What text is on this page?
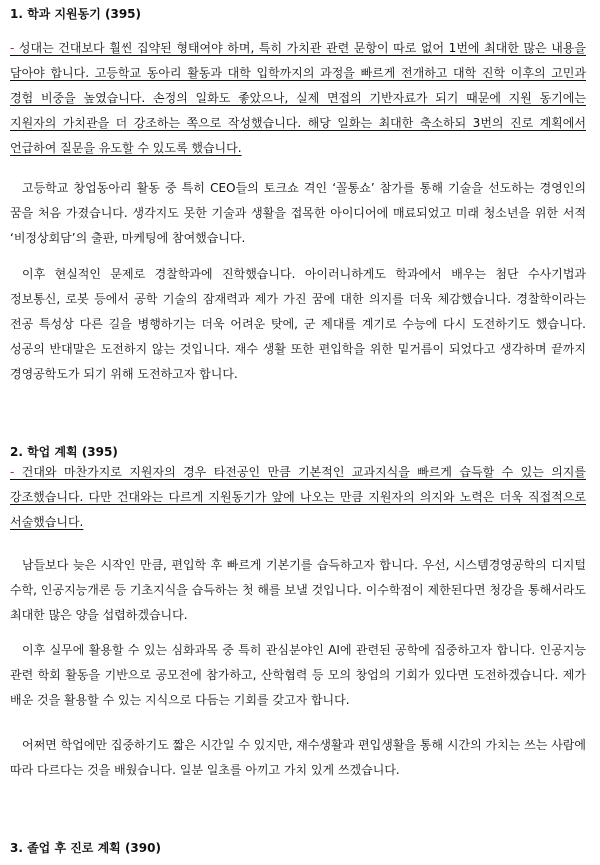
1. 학과 지원동기 (395)

- 성대는 건대보다 훨씬 집약된 형태여야 하며, 특히 가치관 관련 문항이 따로 없어 1번에 최대한 많은 내용을 담아야 합니다. 고등학교 동아리 활동과 대학 입학까지의 과정을 빠르게 전개하고 대학 진학 이후의 고민과 경험 비중을 높였습니다. 손정의 일화도 좋았으나, 실제 면접의 기반자료가 되기 때문에 지원 동기에는 지원자의 가치관을 더 강조하는 쪽으로 작성했습니다. 해당 일화는 최대한 축소하되 3번의 진로 계획에서 언급하여 질문을 유도할 수 있도록 했습니다.

고등학교 창업동아리 활동 중 특히 CEO들의 토크쇼 격인 ‘꼴통쇼’ 참가를 통해 기술을 선도하는 경영인의 꿈을 처음 가졌습니다. 생각지도 못한 기술과 생활을 접목한 아이디어에 매료되었고 미래 청소년을 위한 서적 ‘비정상회담’의 출판, 마케팅에 참여했습니다.

이후 현실적인 문제로 경찰학과에 진학했습니다. 아이러니하게도 학과에서 배우는 첨단 수사기법과 정보통신, 로봇 등에서 공학 기술의 잠재력과 제가 가진 꿈에 대한 의지를 더욱 체감했습니다. 경찰학이라는 전공 특성상 다른 길을 병행하기는 더욱 어려운 탓에, 군 제대를 계기로 수능에 다시 도전하기도 했습니다. 성공의 반대말은 도전하지 않는 것입니다. 재수 생활 또한 편입학을 위한 밑거름이 되었다고 생각하며 끝까지 경영공학도가 되기 위해 도전하고자 합니다.

2. 학업 계획 (395)

- 건대와 마찬가지로 지원자의 경우 타전공인 만큼 기본적인 교과지식을 빠르게 습득할 수 있는 의지를 강조했습니다. 다만 건대와는 다르게 지원동기가 앞에 나오는 만큼 지원자의 의지와 노력은 더욱 직접적으로 서술했습니다.

남들보다 늦은 시작인 만큼, 편입학 후 빠르게 기본기를 습득하고자 합니다. 우선, 시스템경영공학의 디지털 수학, 인공지능개론 등 기초지식을 습득하는 첫 해를 보낼 것입니다. 이수학점이 제한된다면 청강을 통해서라도 최대한 많은 양을 섭렵하겠습니다.

이후 실무에 활용할 수 있는 심화과목 중 특히 관심분야인 AI에 관련된 공학에 집중하고자 합니다. 인공지능 관련 학회 활동을 기반으로 공모전에 참가하고, 산학협력 등 모의 창업의 기회가 있다면 도전하겠습니다. 제가 배운 것을 활용할 수 있는 지식으로 다듬는 기회를 갖고자 합니다.

어쩌면 학업에만 집중하기도 짧은 시간일 수 있지만, 재수생활과 편입생활을 통해 시간의 가치는 쓰는 사람에 따라 다르다는 것을 배웠습니다. 일분 일초를 아끼고 가치 있게 쓰겠습니다.

3. 졸업 후 진로 계획 (390)
